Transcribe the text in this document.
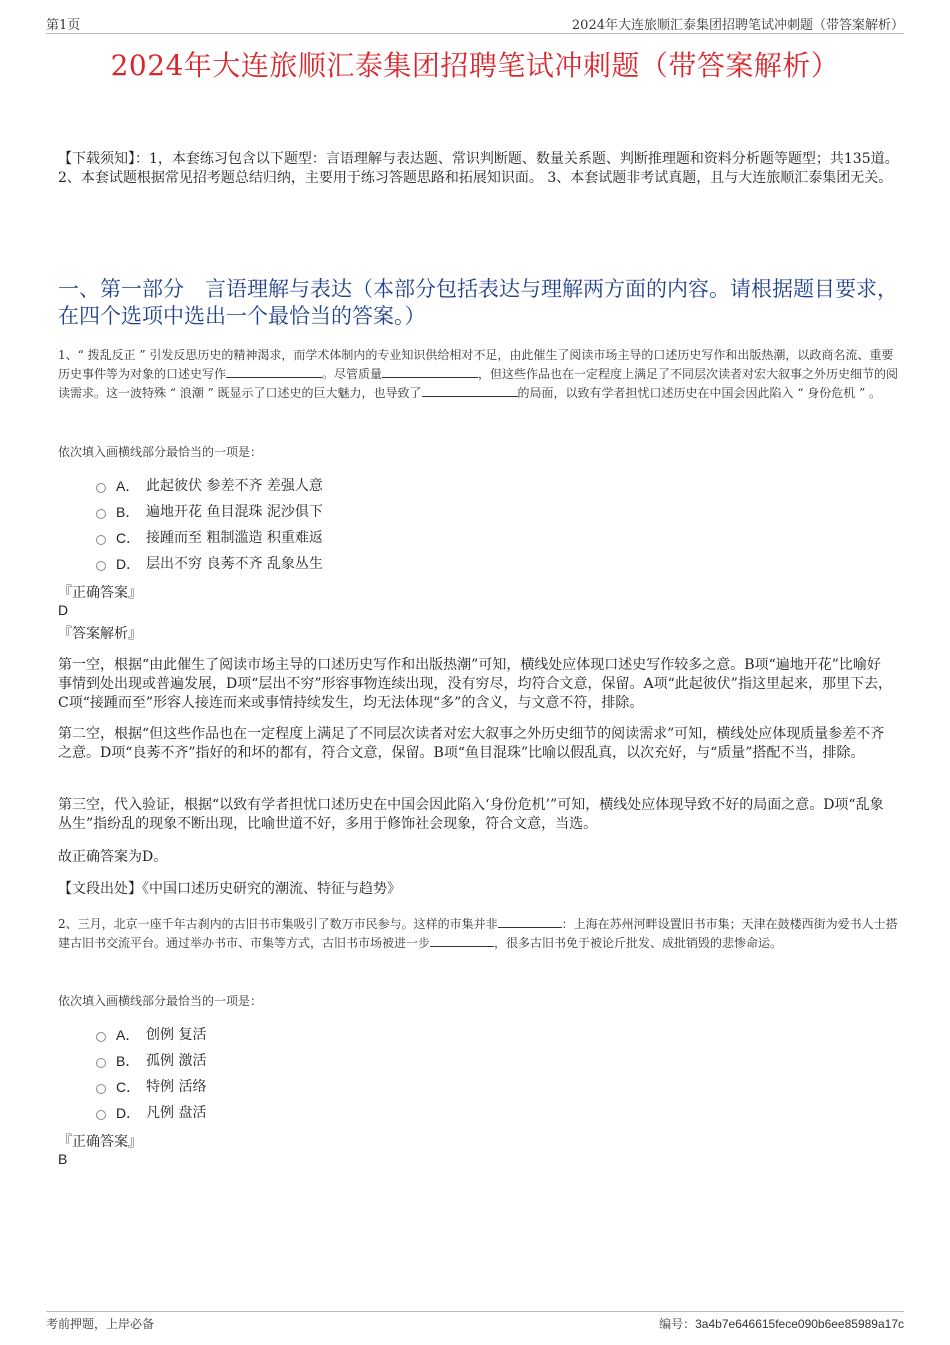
第1页	2024年大连旅顺汇泰集团招聘笔试冲刺题（带答案解析）
2024年大连旅顺汇泰集团招聘笔试冲刺题（带答案解析）
【下载须知】：1，本套练习包含以下题型：言语理解与表达题、常识判断题、数量关系题、判断推理题和资料分析题等题型；共135道。 2、本套试题根据常见招考题总结归纳，主要用于练习答题思路和拓展知识面。 3、本套试题非考试真题，且与大连旅顺汇泰集团无关。
一、第一部分　言语理解与表达（本部分包括表达与理解两方面的内容。请根据题目要求，在四个选项中选出一个最恰当的答案。）
1、“ 拨乱反正 ” 引发反思历史的精神渴求，而学术体制内的专业知识供给相对不足，由此催生了阅读市场主导的口述历史写作和出版热潮，以政商名流、重要历史事件等为对象的口述史写作	。尽管质量	，但这些作品也在一定程度上满足了不同层次读者对宏大叙事之外历史细节的阅读需求。这一波特殊 “ 浪潮 ” 既显示了口述史的巨大魅力，也导致了	的局面，以致有学者担忧口述历史在中国会因此陷入 “ 身份危机 ” 。
依次填入画横线部分最恰当的一项是：
A． 此起彼伏 参差不齐 差强人意
B． 遍地开花 鱼目混珠 泥沙俱下
C． 接踵而至 粗制滥造 积重难返
D． 层出不穷 良莠不齐 乱象丛生
『正确答案』
D
『答案解析』
第一空，根据“由此催生了阅读市场主导的口述历史写作和出版热潮”可知，横线处应体现口述史写作较多之意。B项“遍地开花”比喻好事情到处出现或普遍发展，D项“层出不穷”形容事物连续出现，没有穷尽，均符合文意，保留。A项“此起彼伏”指这里起来，那里下去，C项“接踵而至”形容人接连而来或事情持续发生，均无法体现“多”的含义，与文意不符，排除。
第二空，根据“但这些作品也在一定程度上满足了不同层次读者对宏大叙事之外历史细节的阅读需求”可知，横线处应体现质量参差不齐之意。D项“良莠不齐”指好的和坏的都有，符合文意，保留。B项“鱼目混珠”比喻以假乱真，以次充好，与“质量”搭配不当，排除。
第三空，代入验证，根据“以致有学者担忧口述历史在中国会因此陷入‘身份危机’”可知，横线处应体现导致不好的局面之意。D项“乱象丛生”指纷乱的现象不断出现，比喻世道不好，多用于修饰社会现象，符合文意，当选。
故正确答案为D。
【文段出处】《中国口述历史研究的潮流、特征与趋势》
2、三月，北京一座千年古刹内的古旧书市集吸引了数万市民参与。这样的市集并非	：上海在苏州河畔设置旧书市集；天津在鼓楼西街为爱书人士搭建古旧书交流平台。通过举办书市、市集等方式，古旧书市场被进一步	，很多古旧书免于被论斤批发、成批销毁的悲惨命运。
依次填入画横线部分最恰当的一项是：
A． 创例 复活
B． 孤例 激活
C． 特例 活络
D． 凡例 盘活
『正确答案』
B
考前押题，上岸必备	编号：3a4b7e646615fece090b6ee85989a17c
